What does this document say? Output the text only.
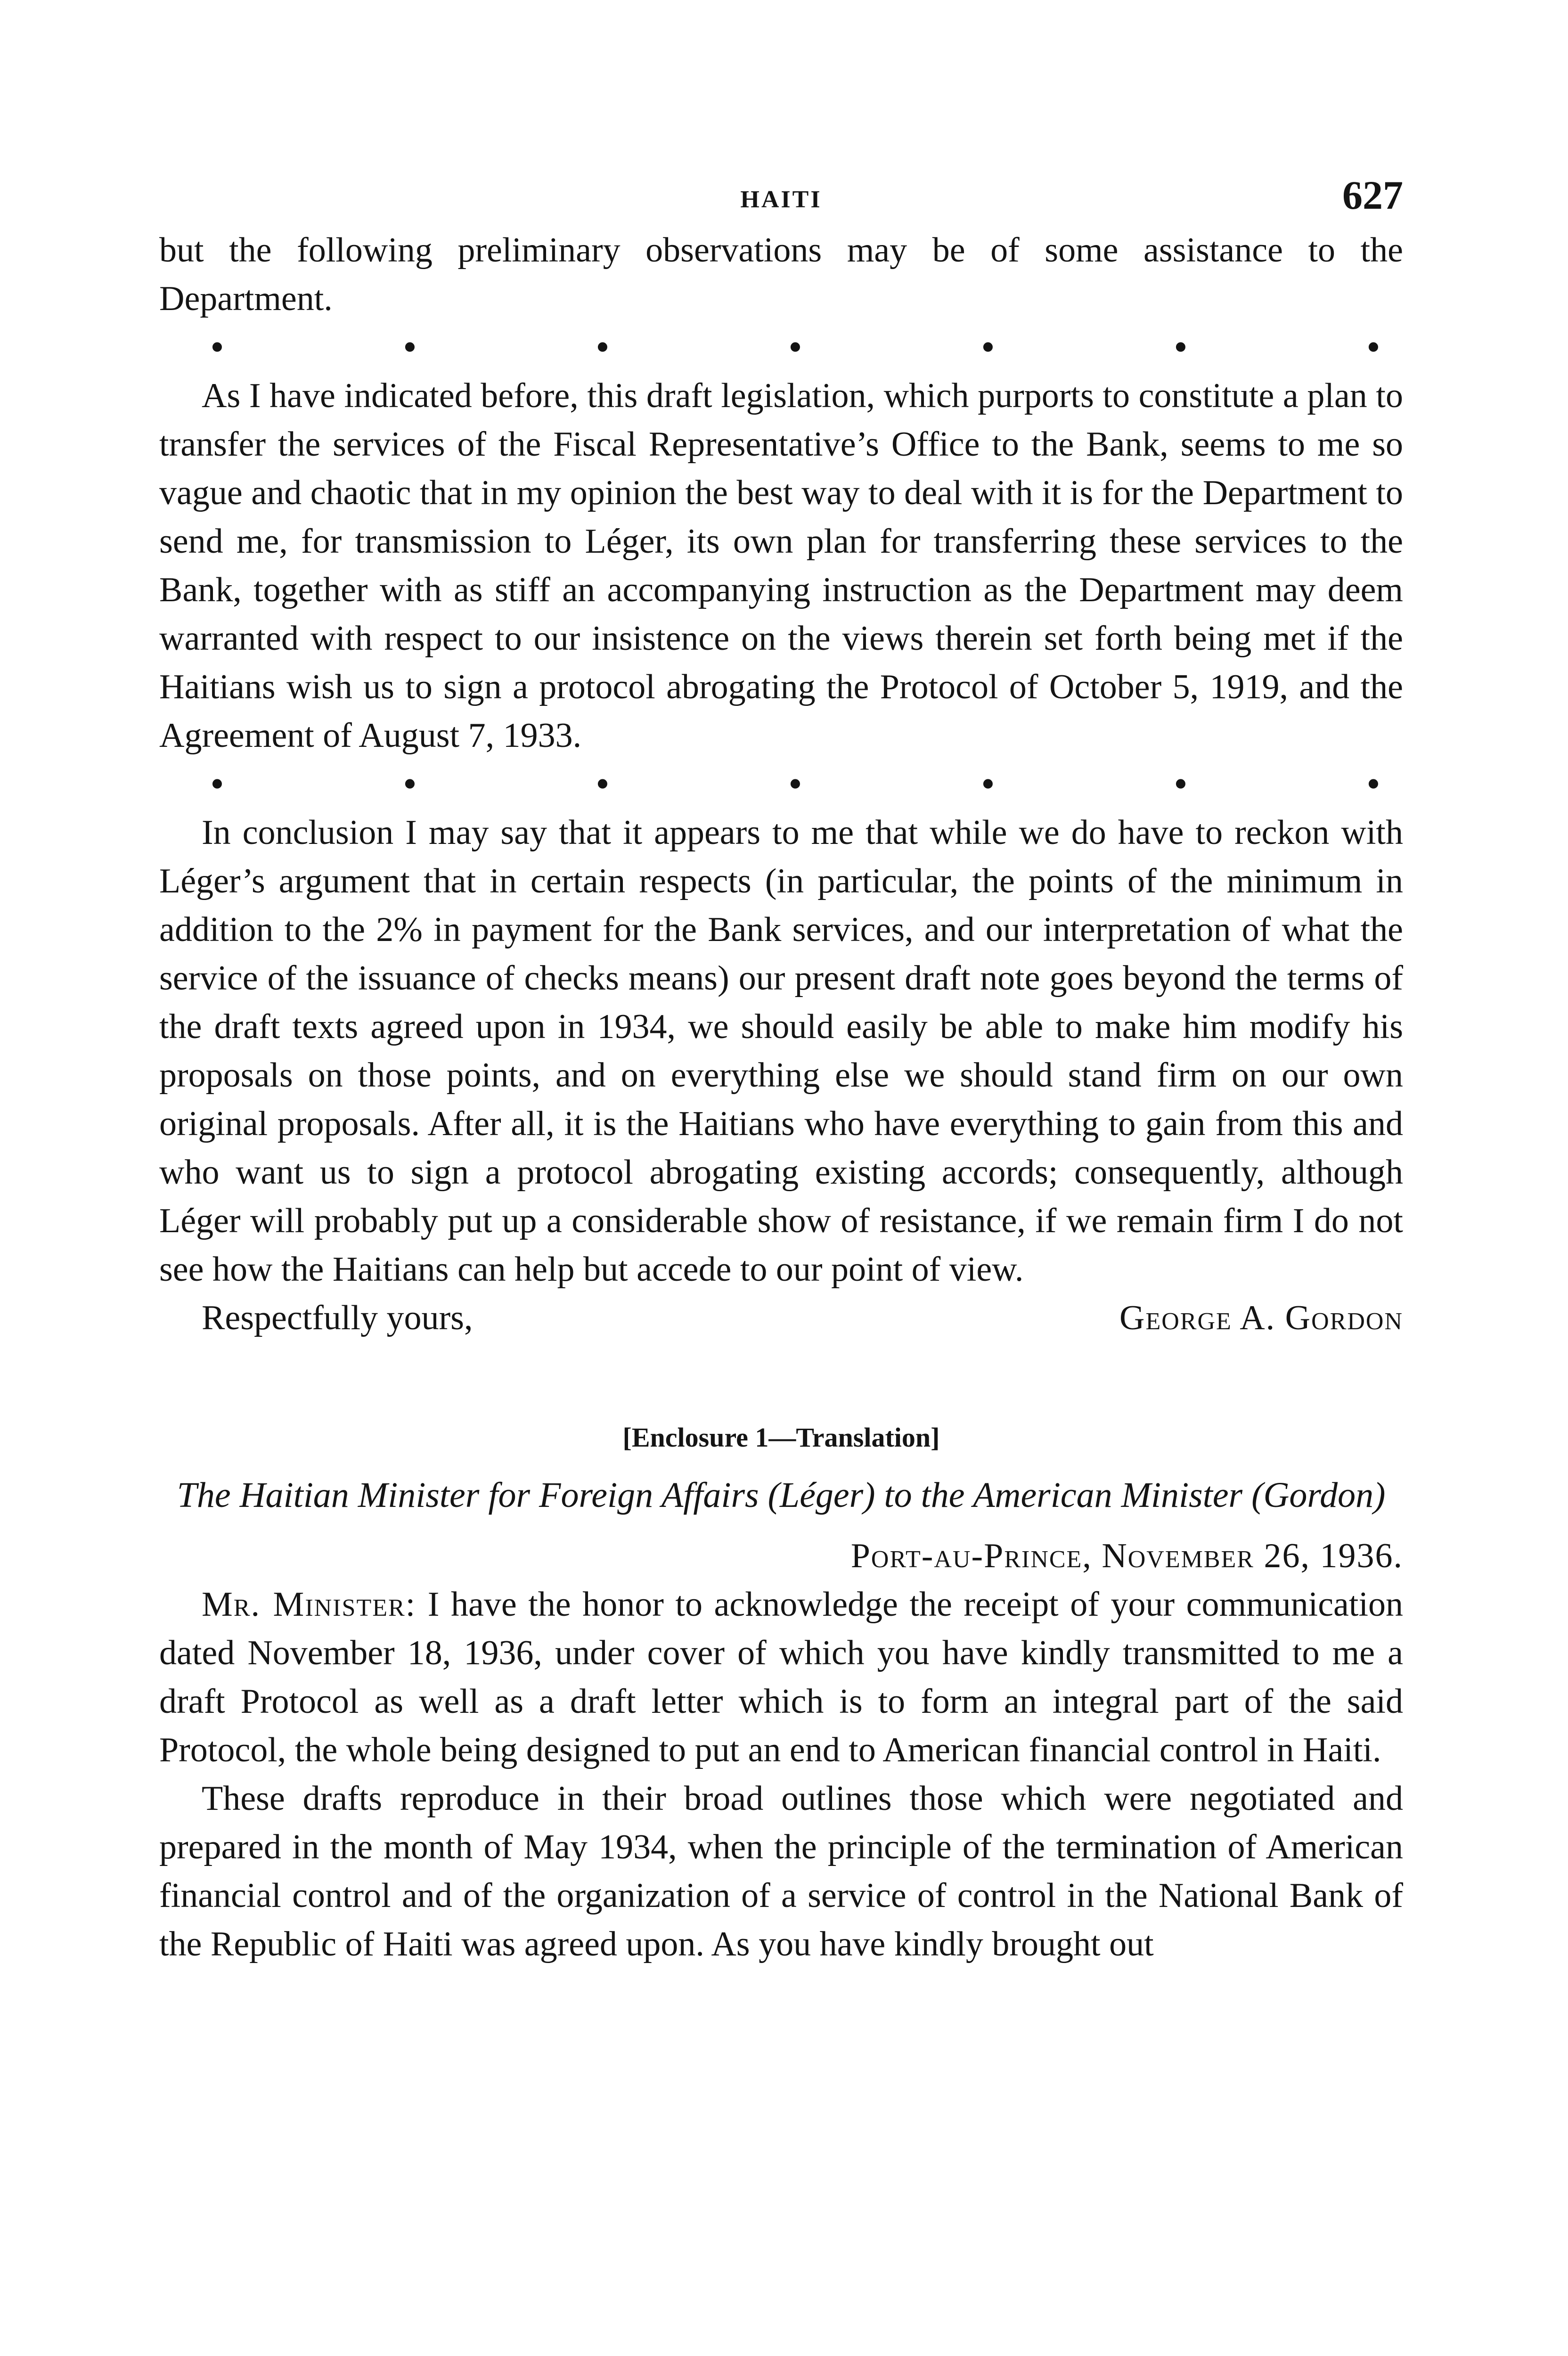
HAITI	627

but the following preliminary observations may be of some assistance to the Department.

•	•	•	•	•	•	•

As I have indicated before, this draft legislation, which purports to constitute a plan to transfer the services of the Fiscal Representative’s Office to the Bank, seems to me so vague and chaotic that in my opinion the best way to deal with it is for the Department to send me, for transmission to Léger, its own plan for transferring these services to the Bank, together with as stiff an accompanying instruction as the Department may deem warranted with respect to our insistence on the views therein set forth being met if the Haitians wish us to sign a protocol abrogating the Protocol of October 5, 1919, and the Agreement of August 7, 1933.

•	•	•	•	•	•	•

In conclusion I may say that it appears to me that while we do have to reckon with Léger’s argument that in certain respects (in particular, the points of the minimum in addition to the 2% in payment for the Bank services, and our interpretation of what the service of the issuance of checks means) our present draft note goes beyond the terms of the draft texts agreed upon in 1934, we should easily be able to make him modify his proposals on those points, and on everything else we should stand firm on our own original proposals. After all, it is the Haitians who have everything to gain from this and who want us to sign a protocol abrogating existing accords; consequently, although Léger will probably put up a considerable show of resistance, if we remain firm I do not see how the Haitians can help but accede to our point of view.

Respectfully yours,	George A. Gordon
[Enclosure 1—Translation]
The Haitian Minister for Foreign Affairs (Léger) to the American Minister (Gordon)
Port-au-Prince, November 26, 1936.

Mr. Minister: I have the honor to acknowledge the receipt of your communication dated November 18, 1936, under cover of which you have kindly transmitted to me a draft Protocol as well as a draft letter which is to form an integral part of the said Protocol, the whole being designed to put an end to American financial control in Haiti.

These drafts reproduce in their broad outlines those which were negotiated and prepared in the month of May 1934, when the principle of the termination of American financial control and of the organization of a service of control in the National Bank of the Republic of Haiti was agreed upon. As you have kindly brought out
